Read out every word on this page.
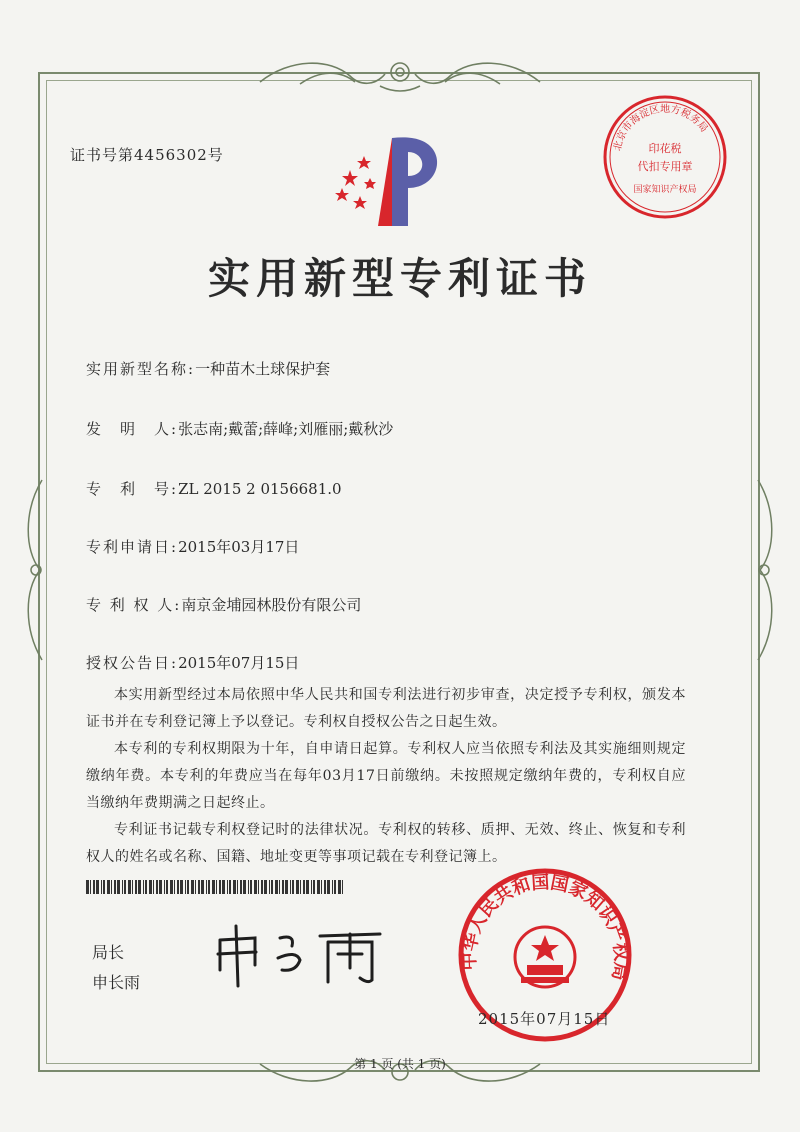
证书号第4456302号
北京市海淀区地方税务局
印花税
代扣专用章
国家知识产权局
实用新型专利证书
实用新型名称:一种苗木土球保护套
发　明　人:张志南;戴蕾;薛峰;刘雁丽;戴秋沙
专　利　号:ZL 2015 2 0156681.0
专利申请日:2015年03月17日
专 利 权 人:南京金埔园林股份有限公司
授权公告日:2015年07月15日

本实用新型经过本局依照中华人民共和国专利法进行初步审查，决定授予专利权，颁发本证书并在专利登记簿上予以登记。专利权自授权公告之日起生效。

本专利的专利权期限为十年，自申请日起算。专利权人应当依照专利法及其实施细则规定缴纳年费。本专利的年费应当在每年03月17日前缴纳。未按照规定缴纳年费的，专利权自应当缴纳年费期满之日起终止。

专利证书记载专利权登记时的法律状况。专利权的转移、质押、无效、终止、恢复和专利权人的姓名或名称、国籍、地址变更等事项记载在专利登记簿上。

局长
申长雨
中华人民共和国国家知识产权局
2015年07月15日
第 1 页 (共 1 页)
